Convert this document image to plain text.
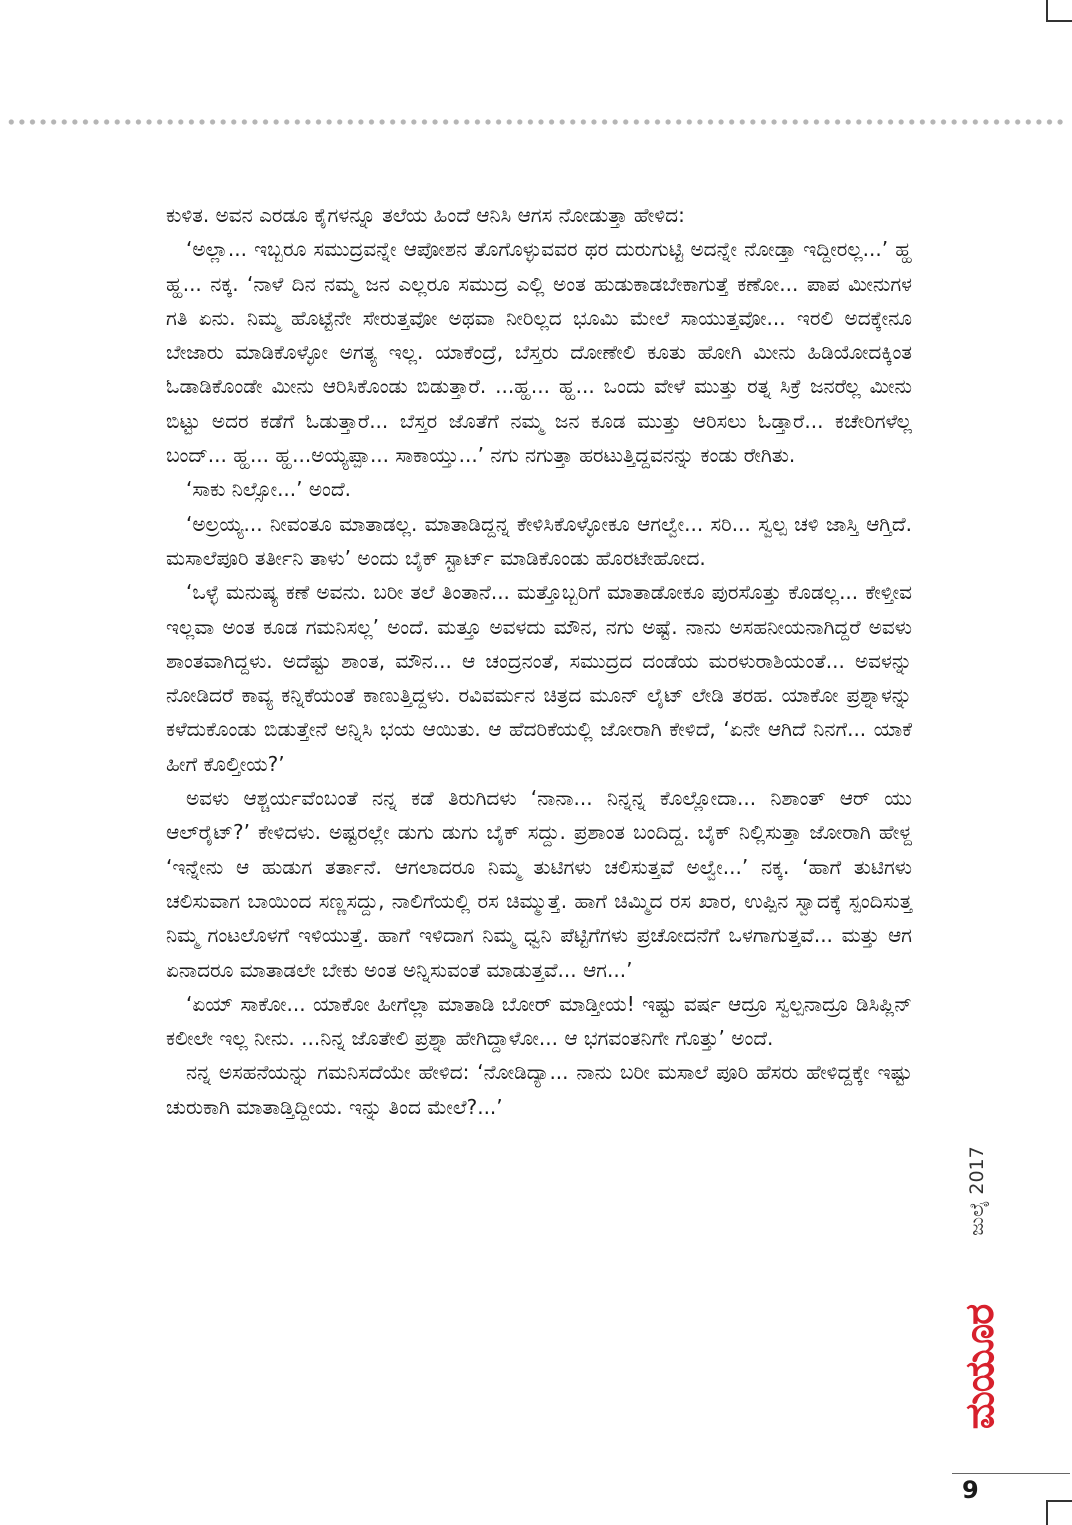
ಕುಳಿತ. ಅವನ ಎರಡೂ ಕೈಗಳನ್ನೂ ತಲೆಯ ಹಿಂದೆ ಆನಿಸಿ ಆಗಸ ನೋಡುತ್ತಾ ಹೇಳಿದ:

‘ಅಲ್ಲಾ... ಇಬ್ಬರೂ ಸಮುದ್ರವನ್ನೇ ಆಪೋಶನ ತೊಗೊಳ್ಳುವವರ ಥರ ದುರುಗುಟ್ಟಿ ಅದನ್ನೇ ನೋಡ್ತಾ ಇದ್ದೀರಲ್ಲ...’ ಹ್ಹ ಹ್ಹ... ನಕ್ಕ. ‘ನಾಳೆ ದಿನ ನಮ್ಮ ಜನ ಎಲ್ಲರೂ ಸಮುದ್ರ ಎಲ್ಲಿ ಅಂತ ಹುಡುಕಾಡಬೇಕಾಗುತ್ತೆ ಕಣೋ... ಪಾಪ ಮೀನುಗಳ ಗತಿ ಏನು. ನಿಮ್ಮ ಹೊಟ್ಟೆನೇ ಸೇರುತ್ತವೋ ಅಥವಾ ನೀರಿಲ್ಲದ ಭೂಮಿ ಮೇಲೆ ಸಾಯುತ್ತವೋ... ಇರಲಿ ಅದಕ್ಕೇನೂ ಬೇಜಾರು ಮಾಡಿಕೊಳ್ಳೋ ಅಗತ್ಯ ಇಲ್ಲ. ಯಾಕೆಂದ್ರೆ, ಬೆಸ್ತರು ದೋಣೇಲಿ ಕೂತು ಹೋಗಿ ಮೀನು ಹಿಡಿಯೋದಕ್ಕಿಂತ ಓಡಾಡಿಕೊಂಡೇ ಮೀನು ಆರಿಸಿಕೊಂಡು ಬಿಡುತ್ತಾರೆ. ...ಹ್ಹ... ಹ್ಹ... ಒಂದು ವೇಳೆ ಮುತ್ತು ರತ್ನ ಸಿಕ್ರೆ ಜನರೆಲ್ಲ ಮೀನು ಬಿಟ್ಟು ಅದರ ಕಡೆಗೆ ಓಡುತ್ತಾರೆ... ಬೆಸ್ತರ ಜೊತೆಗೆ ನಮ್ಮ ಜನ ಕೂಡ ಮುತ್ತು ಆರಿಸಲು ಓಡ್ತಾರೆ... ಕಚೇರಿಗಳೆಲ್ಲ ಬಂದ್... ಹ್ಹ... ಹ್ಹ...ಅಯ್ಯಪ್ಪಾ... ಸಾಕಾಯ್ತು...’ ನಗು ನಗುತ್ತಾ ಹರಟುತ್ತಿದ್ದವನನ್ನು ಕಂಡು ರೇಗಿತು.

‘ಸಾಕು ನಿಲ್ಸೋ...’ ಅಂದೆ.

‘ಅಲ್ರಯ್ಯ... ನೀವಂತೂ ಮಾತಾಡಲ್ಲ. ಮಾತಾಡಿದ್ದನ್ನ ಕೇಳಿಸಿಕೊಳ್ಳೋಕೂ ಆಗಲ್ವೇ... ಸರಿ... ಸ್ವಲ್ಪ ಚಳಿ ಜಾಸ್ತಿ ಆಗ್ತಿದೆ. ಮಸಾಲೆಪೂರಿ ತರ್ತೀನಿ ತಾಳು’ ಅಂದು ಬೈಕ್ ಸ್ಟಾರ್ಟ್ ಮಾಡಿಕೊಂಡು ಹೊರಟೇಹೋದ.

‘ಒಳ್ಳೆ ಮನುಷ್ಯ ಕಣೆ ಅವನು. ಬರೀ ತಲೆ ತಿಂತಾನೆ... ಮತ್ತೊಬ್ಬರಿಗೆ ಮಾತಾಡೋಕೂ ಪುರಸೊತ್ತು ಕೊಡಲ್ಲ... ಕೇಳ್ತೀವ ಇಲ್ಲವಾ ಅಂತ ಕೂಡ ಗಮನಿಸಲ್ಲ’ ಅಂದೆ. ಮತ್ತೂ ಅವಳದು ಮೌನ, ನಗು ಅಷ್ಟೆ. ನಾನು ಅಸಹನೀಯನಾಗಿದ್ದರೆ ಅವಳು ಶಾಂತವಾಗಿದ್ದಳು. ಅದೆಷ್ಟು ಶಾಂತ, ಮೌನ... ಆ ಚಂದ್ರನಂತೆ, ಸಮುದ್ರದ ದಂಡೆಯ ಮರಳುರಾಶಿಯಂತೆ... ಅವಳನ್ನು ನೋಡಿದರೆ ಕಾವ್ಯ ಕನ್ನಿಕೆಯಂತೆ ಕಾಣುತ್ತಿದ್ದಳು. ರವಿವರ್ಮನ ಚಿತ್ರದ ಮೂನ್ ಲೈಟ್ ಲೇಡಿ ತರಹ. ಯಾಕೋ ಪ್ರಶ್ನಾಳನ್ನು ಕಳೆದುಕೊಂಡು ಬಿಡುತ್ತೇನೆ ಅನ್ನಿಸಿ ಭಯ ಆಯಿತು. ಆ ಹೆದರಿಕೆಯಲ್ಲಿ ಜೋರಾಗಿ ಕೇಳಿದೆ, ‘ಏನೇ ಆಗಿದೆ ನಿನಗೆ... ಯಾಕೆ ಹೀಗೆ ಕೊಲ್ತೀಯ?’

ಅವಳು ಆಶ್ಚರ್ಯವೆಂಬಂತೆ ನನ್ನ ಕಡೆ ತಿರುಗಿದಳು ‘ನಾನಾ... ನಿನ್ನನ್ನ ಕೊಲ್ಲೋದಾ... ನಿಶಾಂತ್ ಆರ್ ಯು ಆಲ್‌ರೈಟ್?’ ಕೇಳಿದಳು. ಅಷ್ಟರಲ್ಲೇ ಡುಗು ಡುಗು ಬೈಕ್ ಸದ್ದು. ಪ್ರಶಾಂತ ಬಂದಿದ್ದ. ಬೈಕ್ ನಿಲ್ಲಿಸುತ್ತಾ ಜೋರಾಗಿ ಹೇಳ್ದ ‘ಇನ್ನೇನು ಆ ಹುಡುಗ ತರ್ತಾನೆ. ಆಗಲಾದರೂ ನಿಮ್ಮ ತುಟಿಗಳು ಚಲಿಸುತ್ತವೆ ಅಲ್ವೇ...’ ನಕ್ಕ. ‘ಹಾಗೆ ತುಟಿಗಳು ಚಲಿಸುವಾಗ ಬಾಯಿಂದ ಸಣ್ಣಸದ್ದು, ನಾಲಿಗೆಯಲ್ಲಿ ರಸ ಚಿಮ್ಮುತ್ತೆ. ಹಾಗೆ ಚಿಮ್ಮಿದ ರಸ ಖಾರ, ಉಪ್ಪಿನ ಸ್ವಾದಕ್ಕೆ ಸ್ಪಂದಿಸುತ್ತ ನಿಮ್ಮ ಗಂಟಲೊಳಗೆ ಇಳಿಯುತ್ತೆ. ಹಾಗೆ ಇಳಿದಾಗ ನಿಮ್ಮ ಧ್ವನಿ ಪೆಟ್ಟಿಗೆಗಳು ಪ್ರಚೋದನೆಗೆ ಒಳಗಾಗುತ್ತವೆ... ಮತ್ತು ಆಗ ಏನಾದರೂ ಮಾತಾಡಲೇ ಬೇಕು ಅಂತ ಅನ್ನಿಸುವಂತೆ ಮಾಡುತ್ತವೆ... ಆಗ...’

‘ಏಯ್ ಸಾಕೋ... ಯಾಕೋ ಹೀಗೆಲ್ಲಾ ಮಾತಾಡಿ ಬೋರ್ ಮಾಡ್ತೀಯ! ಇಷ್ಟು ವರ್ಷ ಆದ್ರೂ ಸ್ವಲ್ಪನಾದ್ರೂ ಡಿಸಿಪ್ಲಿನ್ ಕಲೀಲೇ ಇಲ್ಲ ನೀನು. ...ನಿನ್ನ ಜೊತೇಲಿ ಪ್ರಶ್ನಾ ಹೇಗಿದ್ದಾಳೋ... ಆ ಭಗವಂತನಿಗೇ ಗೊತ್ತು’ ಅಂದೆ.

ನನ್ನ ಅಸಹನೆಯನ್ನು ಗಮನಿಸದೆಯೇ ಹೇಳಿದ: ‘ನೋಡಿದ್ಯಾ... ನಾನು ಬರೀ ಮಸಾಲೆ ಪೂರಿ ಹೆಸರು ಹೇಳಿದ್ದಕ್ಕೇ ಇಷ್ಟು ಚುರುಕಾಗಿ ಮಾತಾಡ್ತಿದ್ದೀಯ. ಇನ್ನು ತಿಂದ ಮೇಲೆ?...’

ಮಯೂರ
ಜುಲೈ 2017
9
